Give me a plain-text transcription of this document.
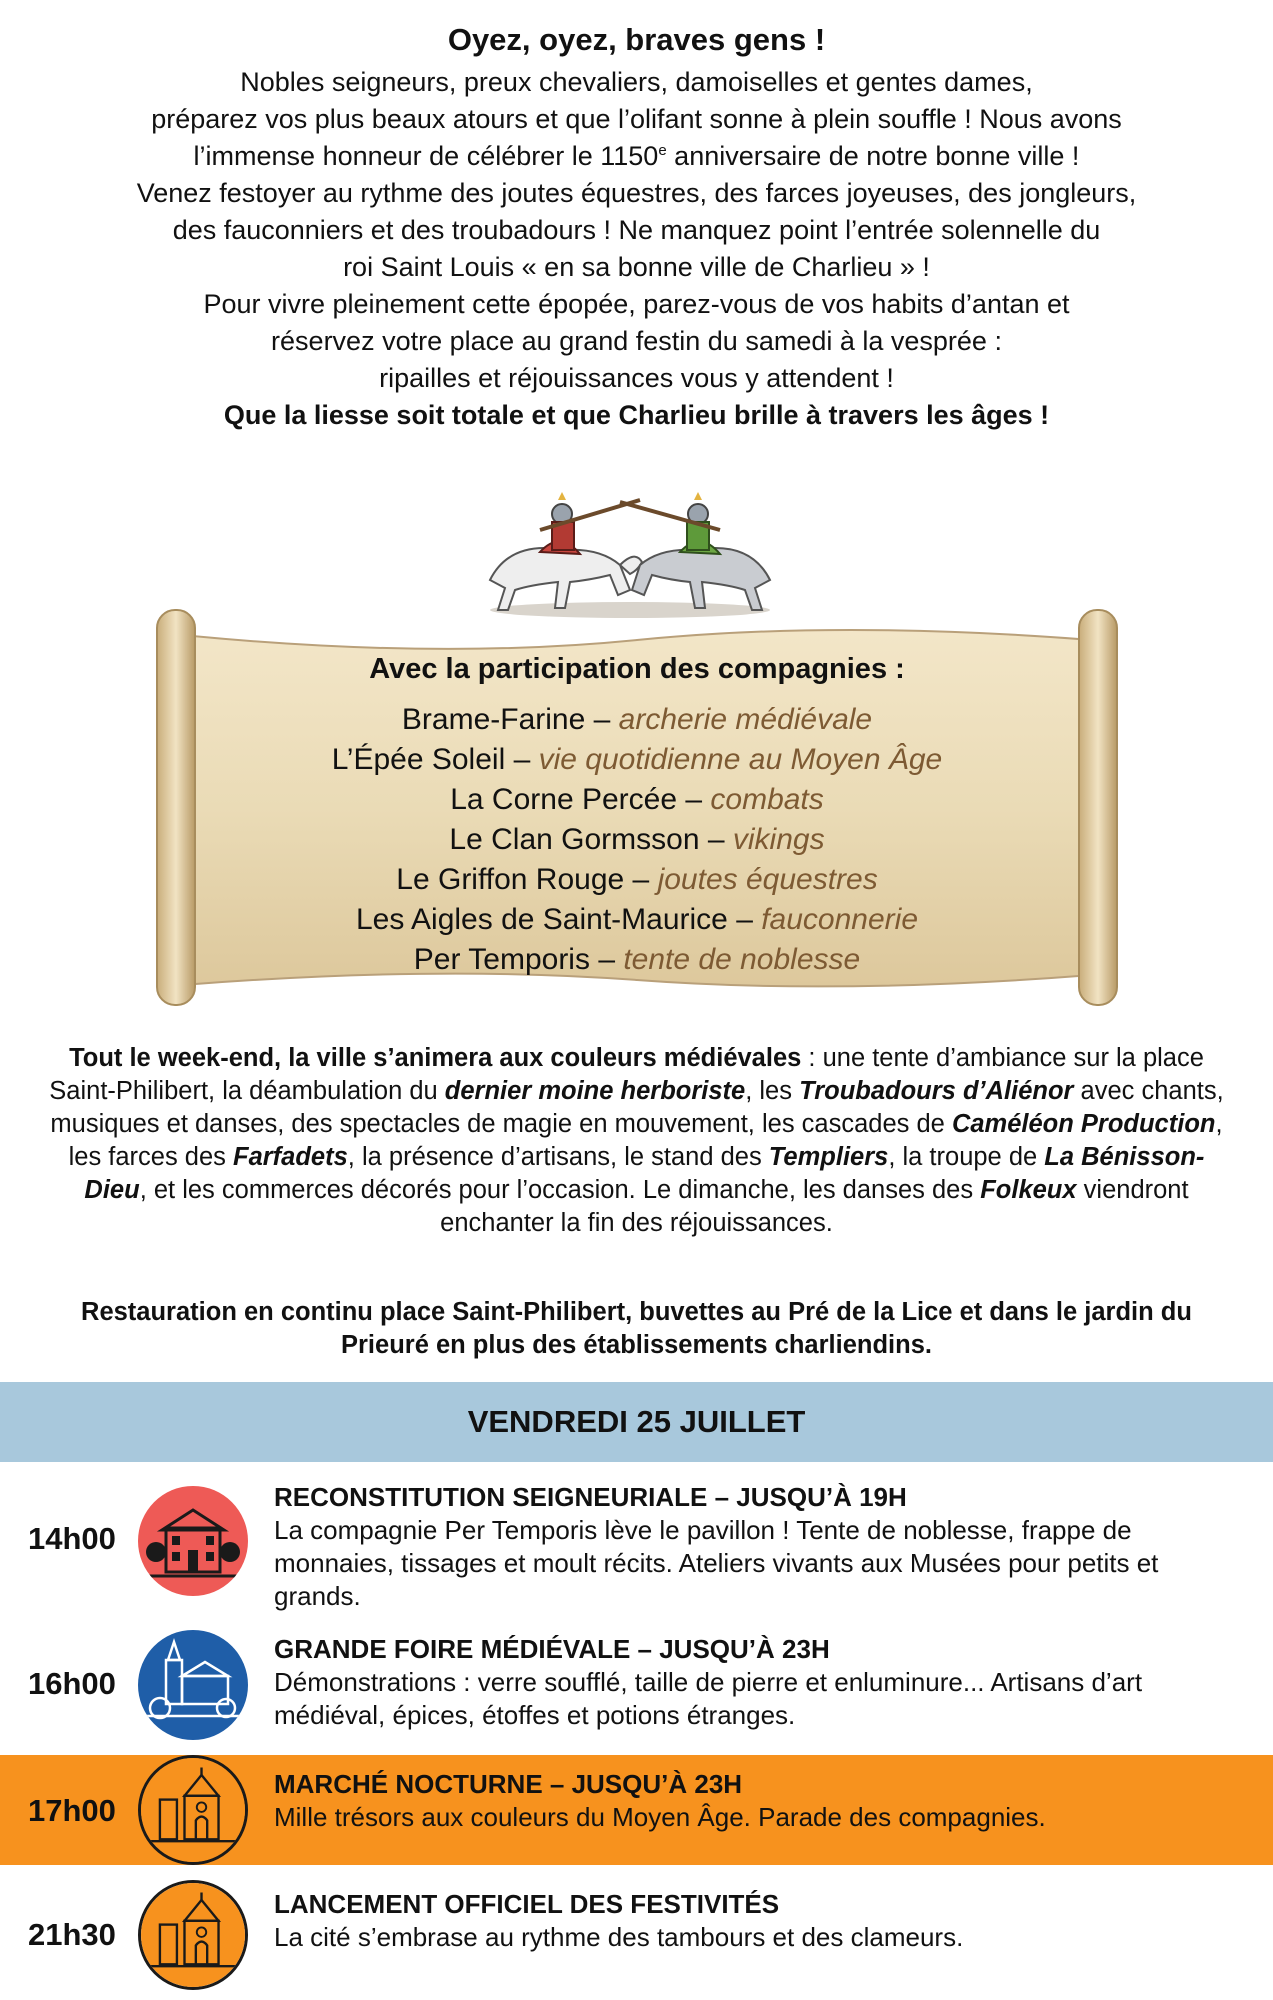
Oyez, oyez, braves gens !
Nobles seigneurs, preux chevaliers, damoiselles et gentes dames,
préparez vos plus beaux atours et que l’olifant sonne à plein souffle ! Nous avons
l’immense honneur de célébrer le 1150e anniversaire de notre bonne ville !
Venez festoyer au rythme des joutes équestres, des farces joyeuses, des jongleurs,
des fauconniers et des troubadours ! Ne manquez point l’entrée solennelle du
roi Saint Louis « en sa bonne ville de Charlieu » !
Pour vivre pleinement cette épopée, parez-vous de vos habits d’antan et
réservez votre place au grand festin du samedi à la vesprée :
ripailles et réjouissances vous y attendent !
Que la liesse soit totale et que Charlieu brille à travers les âges !
Avec la participation des compagnies :
Brame-Farine – archerie médiévale
L’Épée Soleil – vie quotidienne au Moyen Âge
La Corne Percée – combats
Le Clan Gormsson – vikings
Le Griffon Rouge – joutes équestres
Les Aigles de Saint-Maurice – fauconnerie
Per Temporis – tente de noblesse
Tout le week-end, la ville s’animera aux couleurs médiévales : une tente d’ambiance sur la place Saint-Philibert, la déambulation du dernier moine herboriste, les Troubadours d’Aliénor avec chants, musiques et danses, des spectacles de magie en mouvement, les cascades de Caméléon Production, les farces des Farfadets, la présence d’artisans, le stand des Templiers, la troupe de La Bénisson-Dieu, et les commerces décorés pour l’occasion. Le dimanche, les danses des Folkeux viendront enchanter la fin des réjouissances.
Restauration en continu place Saint-Philibert, buvettes au Pré de la Lice et dans le jardin du Prieuré en plus des établissements charliendins.
VENDREDI 25 JUILLET
14h00
RECONSTITUTION SEIGNEURIALE – JUSQU’À 19H
La compagnie Per Temporis lève le pavillon ! Tente de noblesse, frappe de monnaies, tissages et moult récits. Ateliers vivants aux Musées pour petits et grands.
16h00
GRANDE FOIRE MÉDIÉVALE – JUSQU’À 23H
Démonstrations : verre soufflé, taille de pierre et enluminure... Artisans d’art médiéval, épices, étoffes et potions étranges.
17h00
MARCHÉ NOCTURNE – JUSQU’À 23H
Mille trésors aux couleurs du Moyen Âge. Parade des compagnies.
21h30
LANCEMENT OFFICIEL DES FESTIVITÉS
La cité s’embrase au rythme des tambours et des clameurs.
